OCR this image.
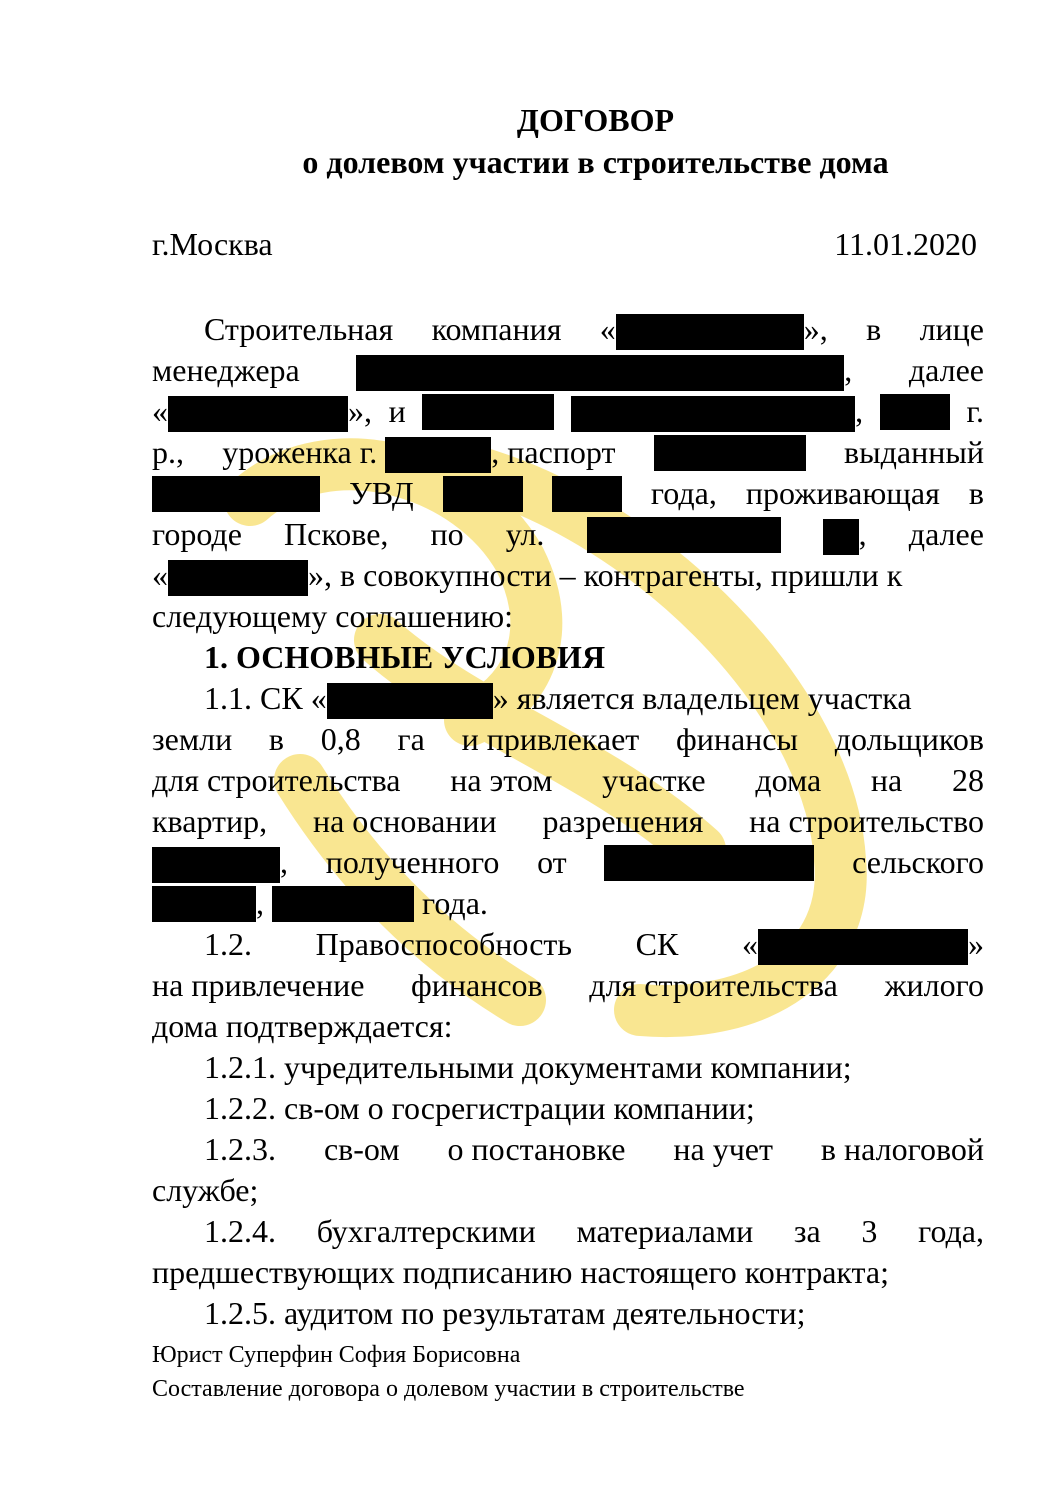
ДОГОВОР
о долевом участии в строительстве дома
г.Москва	11.01.2020
Строительная компания «	», в лице
менеджера	, далее
«	», и	,	г.
р., уроженка г.	, паспорт	выданный
УВД	года, проживающая в
городе Пскове, по ул.	, далее
«	», в совокупности – контрагенты, пришли к
следующему соглашению:
1. ОСНОВНЫЕ УСЛОВИЯ
1.1. СК «	» является владельцем участка
земли в 0,8 га и привлекает финансы дольщиков
для строительства на этом участке дома на 28
квартир, на основании разрешения на строительство
, полученного от	сельского
,

	года.
1.2. Правоспособность СК «	»
на привлечение финансов для строительства жилого
дома подтверждается:
1.2.1. учредительными документами компании;
1.2.2. св-ом о госрегистрации компании;
1.2.3. св-ом о постановке на учет в налоговой
службе;
1.2.4. бухгалтерскими материалами за 3 года,
предшествующих подписанию настоящего контракта;
1.2.5. аудитом по результатам деятельности;
Юрист Суперфин София Борисовна
Составление договора о долевом участии в строительстве
